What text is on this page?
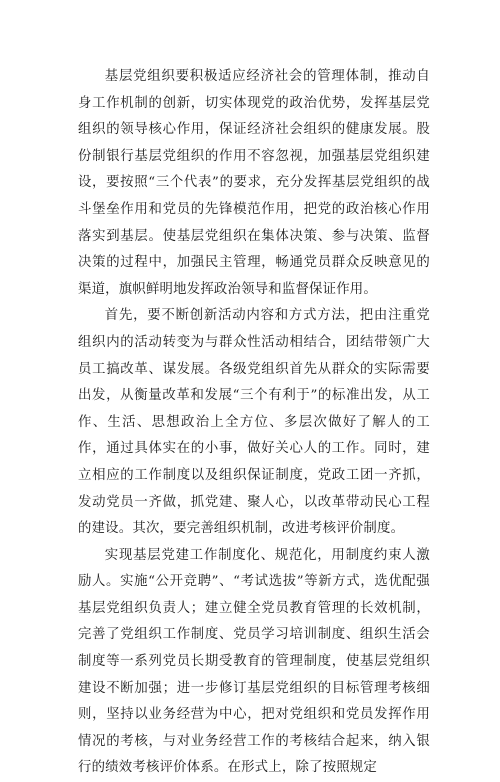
基层党组织要积极适应经济社会的管理体制，推动自身工作机制的创新，切实体现党的政治优势，发挥基层党组织的领导核心作用，保证经济社会组织的健康发展。股份制银行基层党组织的作用不容忽视，加强基层党组织建设，要按照“三个代表”的要求，充分发挥基层党组织的战斗堡垒作用和党员的先锋模范作用，把党的政治核心作用落实到基层。使基层党组织在集体决策、参与决策、监督决策的过程中，加强民主管理，畅通党员群众反映意见的渠道，旗帜鲜明地发挥政治领导和监督保证作用。

首先，要不断创新活动内容和方式方法，把由注重党组织内的活动转变为与群众性活动相结合，团结带领广大员工搞改革、谋发展。各级党组织首先从群众的实际需要出发，从衡量改革和发展“三个有利于”的标准出发，从工作、生活、思想政治上全方位、多层次做好了解人的工作，通过具体实在的小事，做好关心人的工作。同时，建立相应的工作制度以及组织保证制度，党政工团一齐抓，发动党员一齐做，抓党建、聚人心，以改革带动民心工程的建设。其次，要完善组织机制，改进考核评价制度。

实现基层党建工作制度化、规范化，用制度约束人激励人。实施“公开竞聘”、“考试选拔”等新方式，选优配强基层党组织负责人；建立健全党员教育管理的长效机制，完善了党组织工作制度、党员学习培训制度、组织生活会制度等一系列党员长期受教育的管理制度，使基层党组织建设不断加强；进一步修订基层党组织的目标管理考核细则，坚持以业务经营为中心，把对党组织和党员发挥作用情况的考核，与对业务经营工作的考核结合起来，纳入银行的绩效考核评价体系。在形式上，除了按照规定
